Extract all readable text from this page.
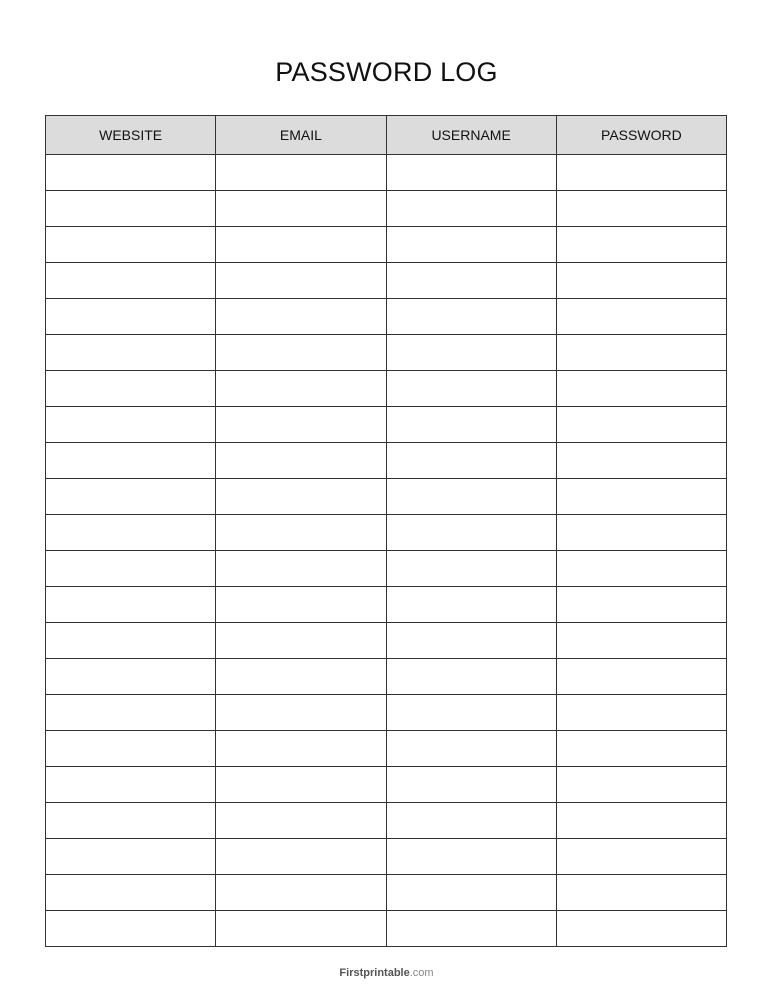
PASSWORD LOG
WEBSITE	EMAIL	USERNAME	PASSWORD

Firstprintable.com
